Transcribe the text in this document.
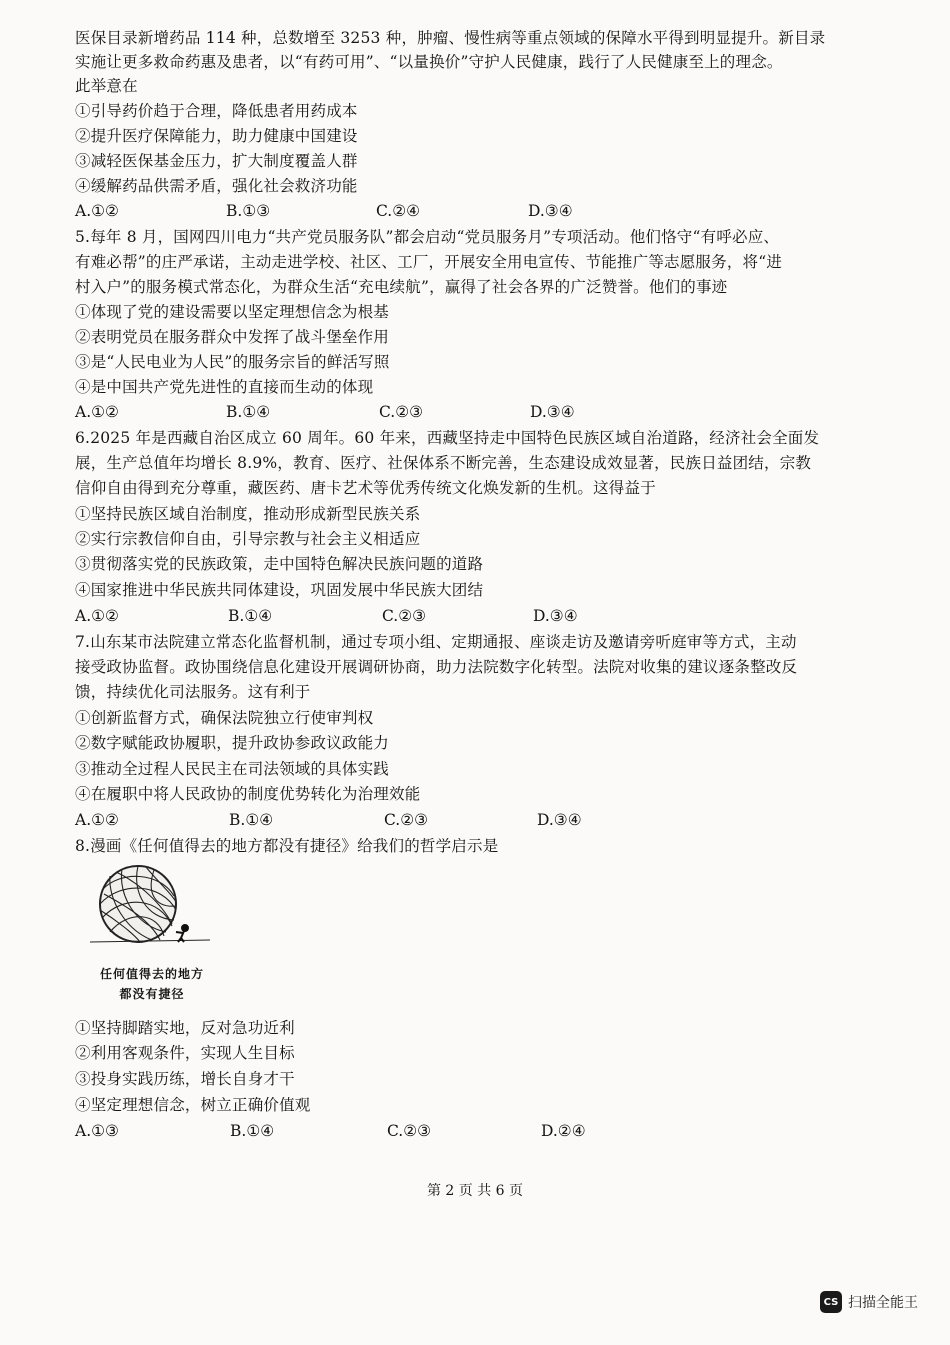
医保目录新增药品 114 种，总数增至 3253 种，肿瘤、慢性病等重点领域的保障水平得到明显提升。新目录
实施让更多救命药惠及患者，以“有药可用”、“以量换价”守护人民健康，践行了人民健康至上的理念。
此举意在
①引导药价趋于合理，降低患者用药成本
②提升医疗保障能力，助力健康中国建设
③减轻医保基金压力，扩大制度覆盖人群
④缓解药品供需矛盾，强化社会救济功能
A.①②	B.①③	C.②④	D.③④
5.每年 8 月，国网四川电力“共产党员服务队”都会启动“党员服务月”专项活动。他们恪守“有呼必应、
有难必帮”的庄严承诺，主动走进学校、社区、工厂，开展安全用电宣传、节能推广等志愿服务，将“进
村入户”的服务模式常态化，为群众生活“充电续航”，赢得了社会各界的广泛赞誉。他们的事迹
①体现了党的建设需要以坚定理想信念为根基
②表明党员在服务群众中发挥了战斗堡垒作用
③是“人民电业为人民”的服务宗旨的鲜活写照
④是中国共产党先进性的直接而生动的体现
A.①②	B.①④	C.②③	D.③④
6.2025 年是西藏自治区成立 60 周年。60 年来，西藏坚持走中国特色民族区域自治道路，经济社会全面发
展，生产总值年均增长 8.9%，教育、医疗、社保体系不断完善，生态建设成效显著，民族日益团结，宗教
信仰自由得到充分尊重，藏医药、唐卡艺术等优秀传统文化焕发新的生机。这得益于
①坚持民族区域自治制度，推动形成新型民族关系
②实行宗教信仰自由，引导宗教与社会主义相适应
③贯彻落实党的民族政策，走中国特色解决民族问题的道路
④国家推进中华民族共同体建设，巩固发展中华民族大团结
A.①②	B.①④	C.②③	D.③④
7.山东某市法院建立常态化监督机制，通过专项小组、定期通报、座谈走访及邀请旁听庭审等方式，主动
接受政协监督。政协围绕信息化建设开展调研协商，助力法院数字化转型。法院对收集的建议逐条整改反
馈，持续优化司法服务。这有利于
①创新监督方式，确保法院独立行使审判权
②数字赋能政协履职，提升政协参政议政能力
③推动全过程人民民主在司法领域的具体实践
④在履职中将人民政协的制度优势转化为治理效能
A.①②	B.①④	C.②③	D.③④
8.漫画《任何值得去的地方都没有捷径》给我们的哲学启示是
任何值得去的地方
都没有捷径
①坚持脚踏实地，反对急功近利
②利用客观条件，实现人生目标
③投身实践历练，增长自身才干
④坚定理想信念，树立正确价值观
A.①③	B.①④	C.②③	D.②④
第 2 页 共 6 页
CS 扫描全能王
